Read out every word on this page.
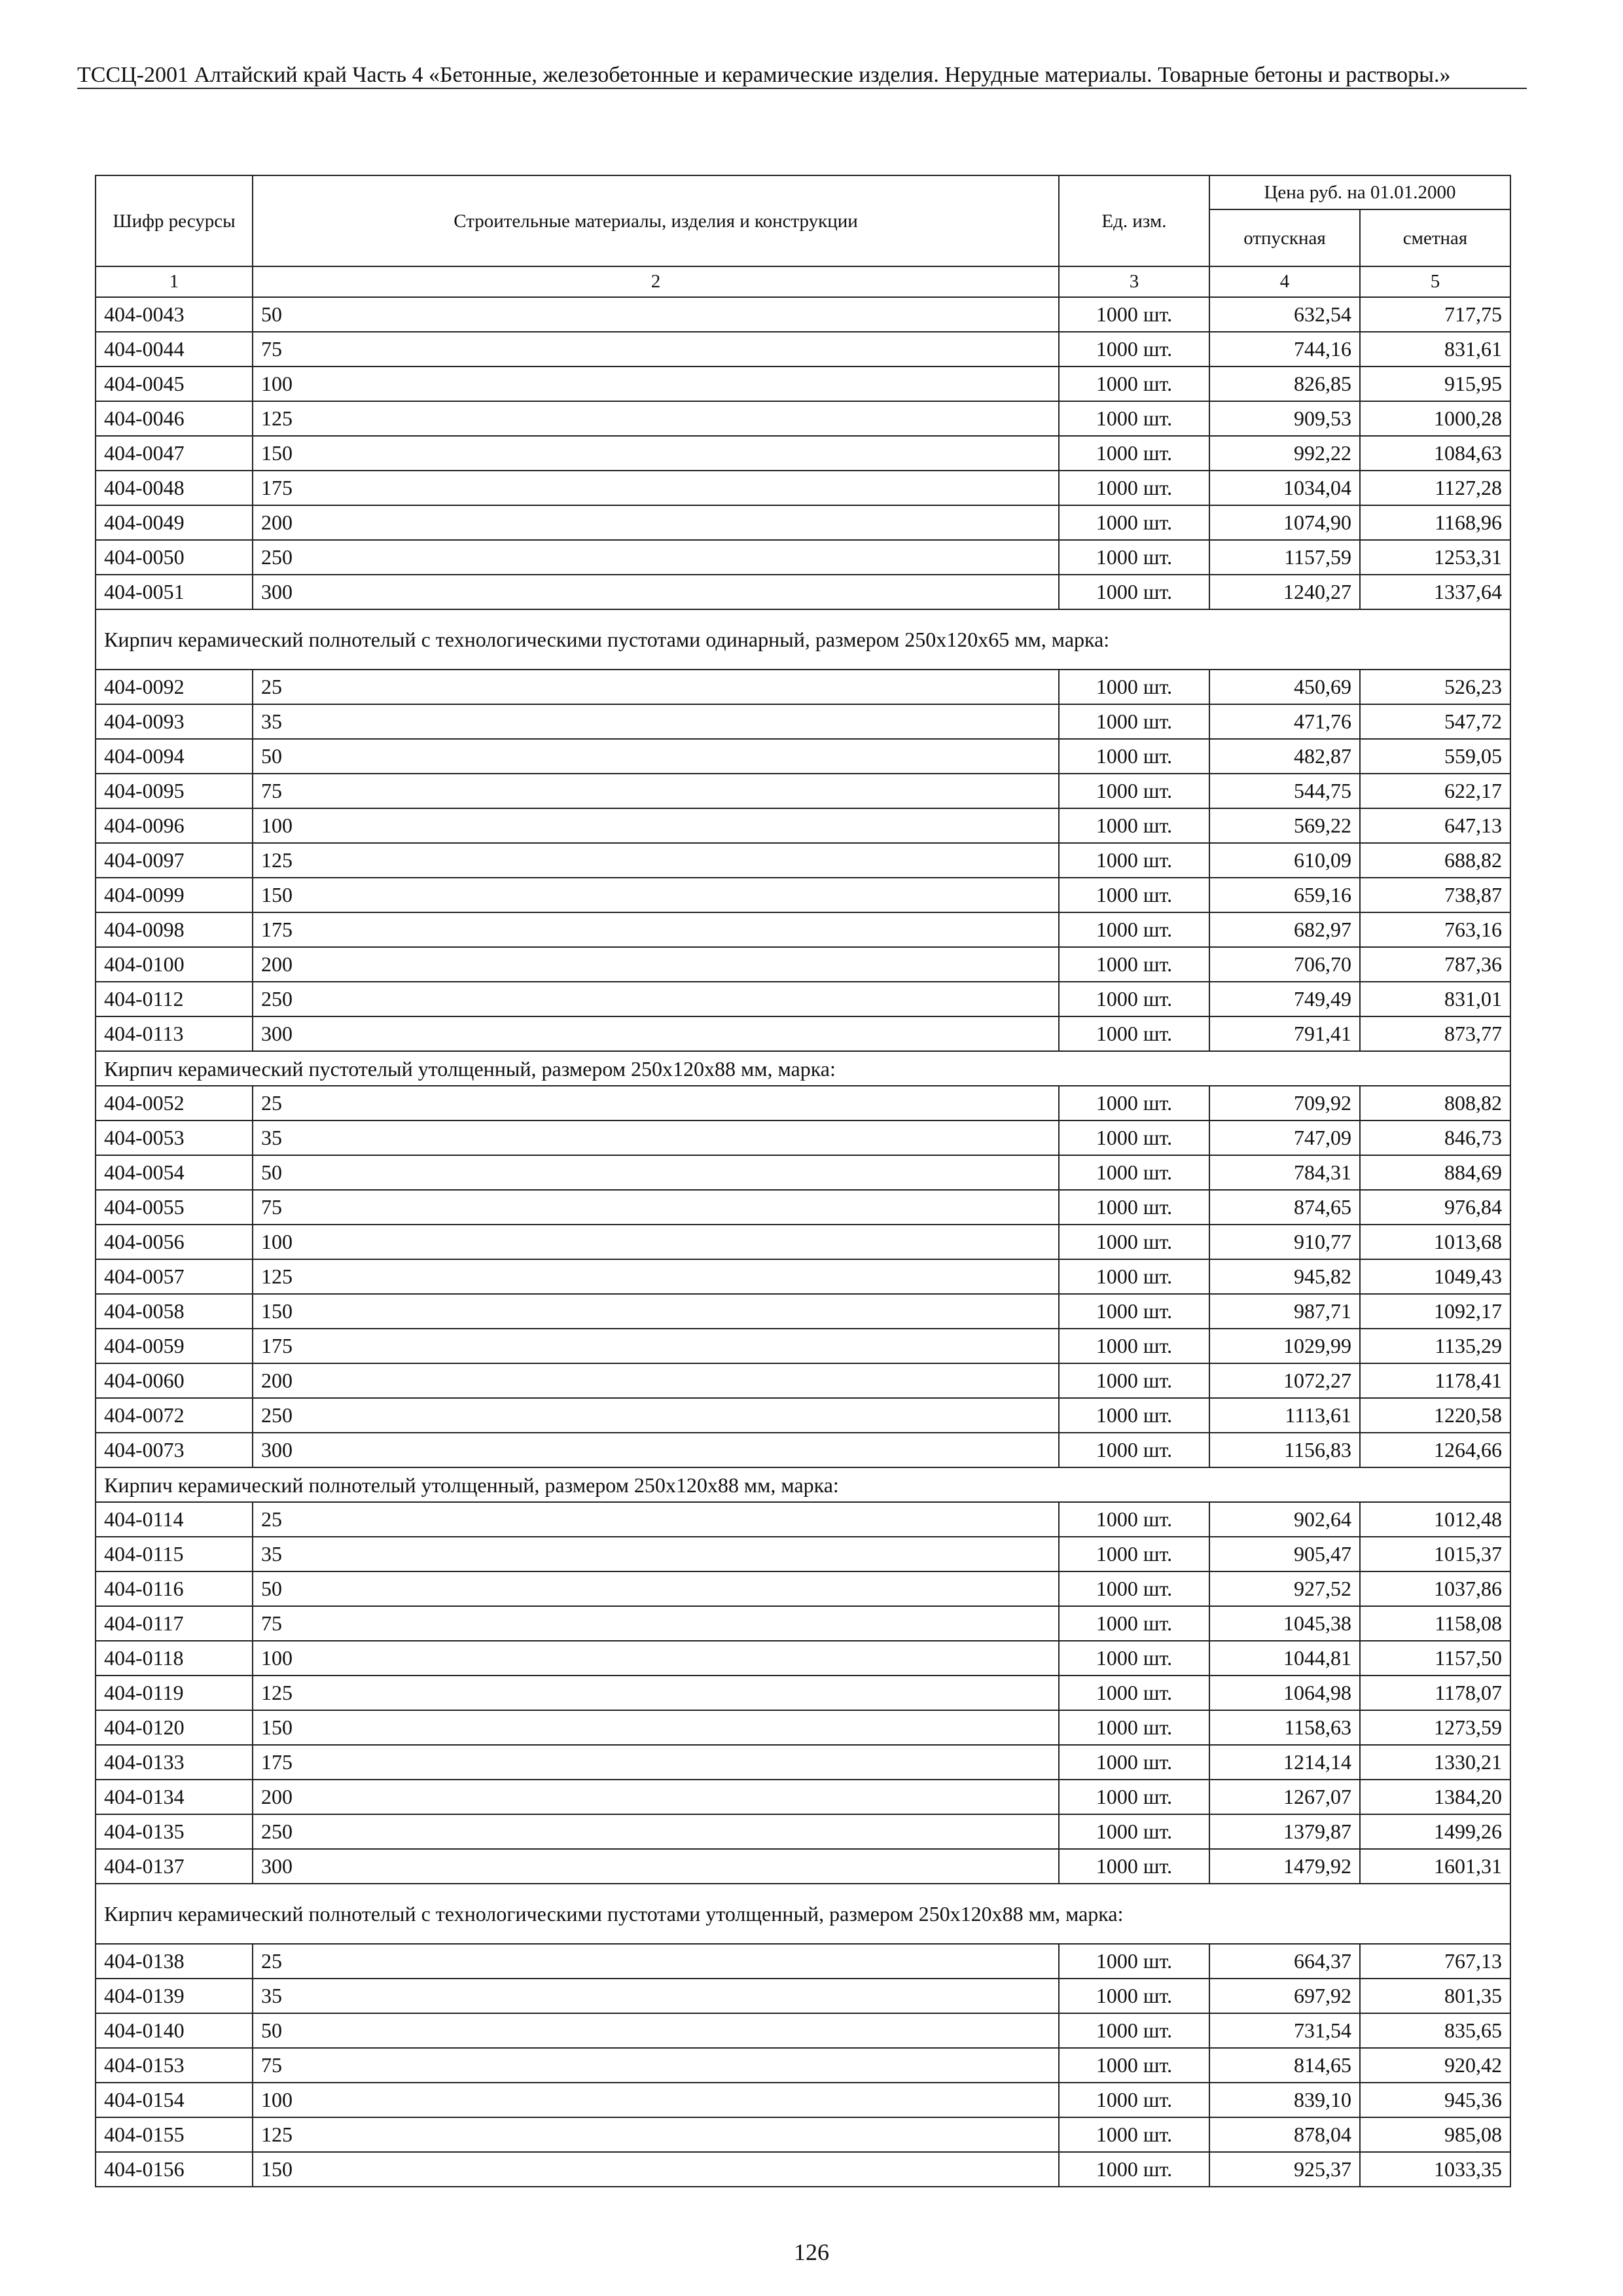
ТССЦ-2001 Алтайский край Часть 4 «Бетонные, железобетонные и керамические изделия. Нерудные материалы. Товарные бетоны и растворы.»
Шифр ресурсы	Строительные материалы, изделия и конструкции	Ед. изм.	Цена руб. на 01.01.2000	
			отпускная	сметная
1	2	3	4	5
404-0043	50	1000 шт.	632,54	717,75
404-0044	75	1000 шт.	744,16	831,61
404-0045	100	1000 шт.	826,85	915,95
404-0046	125	1000 шт.	909,53	1000,28
404-0047	150	1000 шт.	992,22	1084,63
404-0048	175	1000 шт.	1034,04	1127,28
404-0049	200	1000 шт.	1074,90	1168,96
404-0050	250	1000 шт.	1157,59	1253,31
404-0051	300	1000 шт.	1240,27	1337,64
Кирпич керамический полнотелый с технологическими пустотами одинарный, размером 250x120x65 мм, марка:				
404-0092	25	1000 шт.	450,69	526,23
404-0093	35	1000 шт.	471,76	547,72
404-0094	50	1000 шт.	482,87	559,05
404-0095	75	1000 шт.	544,75	622,17
404-0096	100	1000 шт.	569,22	647,13
404-0097	125	1000 шт.	610,09	688,82
404-0099	150	1000 шт.	659,16	738,87
404-0098	175	1000 шт.	682,97	763,16
404-0100	200	1000 шт.	706,70	787,36
404-0112	250	1000 шт.	749,49	831,01
404-0113	300	1000 шт.	791,41	873,77
Кирпич керамический пустотелый утолщенный, размером 250x120x88 мм, марка:				
404-0052	25	1000 шт.	709,92	808,82
404-0053	35	1000 шт.	747,09	846,73
404-0054	50	1000 шт.	784,31	884,69
404-0055	75	1000 шт.	874,65	976,84
404-0056	100	1000 шт.	910,77	1013,68
404-0057	125	1000 шт.	945,82	1049,43
404-0058	150	1000 шт.	987,71	1092,17
404-0059	175	1000 шт.	1029,99	1135,29
404-0060	200	1000 шт.	1072,27	1178,41
404-0072	250	1000 шт.	1113,61	1220,58
404-0073	300	1000 шт.	1156,83	1264,66
Кирпич керамический полнотелый утолщенный, размером 250x120x88 мм, марка:				
404-0114	25	1000 шт.	902,64	1012,48
404-0115	35	1000 шт.	905,47	1015,37
404-0116	50	1000 шт.	927,52	1037,86
404-0117	75	1000 шт.	1045,38	1158,08
404-0118	100	1000 шт.	1044,81	1157,50
404-0119	125	1000 шт.	1064,98	1178,07
404-0120	150	1000 шт.	1158,63	1273,59
404-0133	175	1000 шт.	1214,14	1330,21
404-0134	200	1000 шт.	1267,07	1384,20
404-0135	250	1000 шт.	1379,87	1499,26
404-0137	300	1000 шт.	1479,92	1601,31
Кирпич керамический полнотелый с технологическими пустотами утолщенный, размером 250x120x88 мм, марка:				
404-0138	25	1000 шт.	664,37	767,13
404-0139	35	1000 шт.	697,92	801,35
404-0140	50	1000 шт.	731,54	835,65
404-0153	75	1000 шт.	814,65	920,42
404-0154	100	1000 шт.	839,10	945,36
404-0155	125	1000 шт.	878,04	985,08
404-0156	150	1000 шт.	925,37	1033,35
126
